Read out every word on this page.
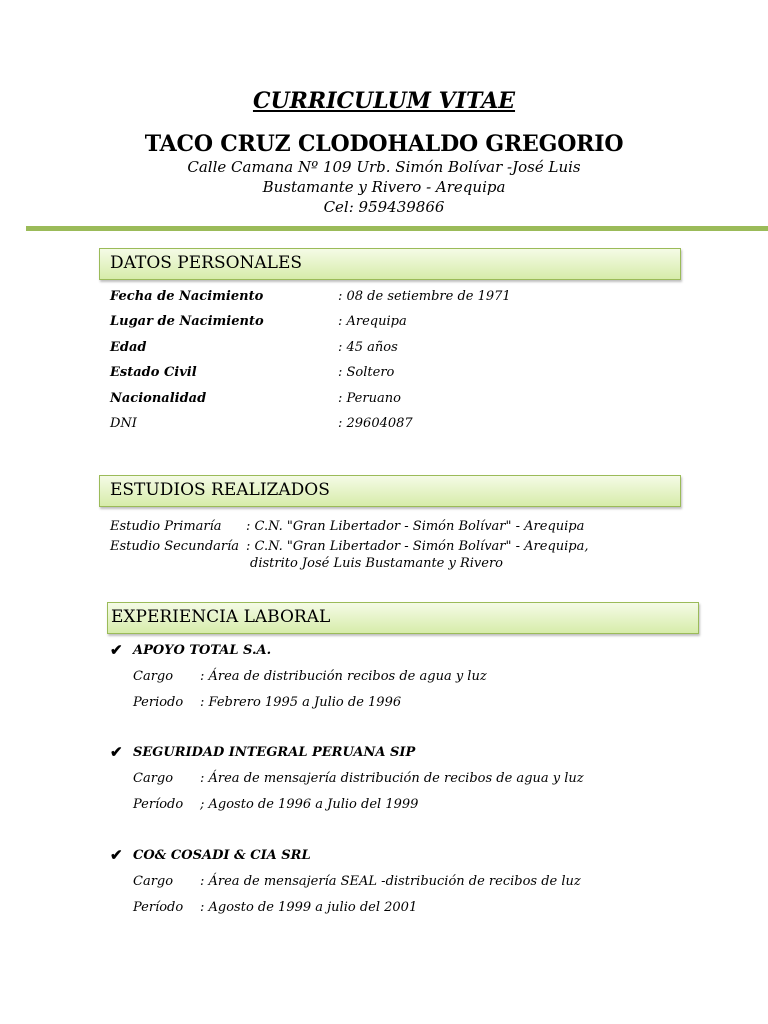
CURRICULUM VITAE
TACO CRUZ CLODOHALDO GREGORIO
Calle Camana Nº 109 Urb. Simón Bolívar -José Luis
Bustamante y Rivero - Arequipa
Cel: 959439866
DATOS PERSONALES
Fecha de Nacimiento	: 08 de setiembre de 1971
Lugar de Nacimiento	: Arequipa
Edad	: 45 años
Estado Civil	: Soltero
Nacionalidad	: Peruano
DNI	: 29604087
ESTUDIOS REALIZADOS
Estudio Primaría : C.N. "Gran Libertador - Simón Bolívar" - Arequipa
Estudio Secundaría : C.N. "Gran Libertador - Simón Bolívar" - Arequipa,
distrito José Luis Bustamante y Rivero
EXPERIENCIA LABORAL
✔ APOYO TOTAL S.A.
Cargo : Área de distribución recibos de agua y luz
Periodo : Febrero 1995 a Julio de 1996
✔ SEGURIDAD INTEGRAL PERUANA SIP
Cargo : Área de mensajería distribución de recibos de agua y luz
Período ; Agosto de 1996 a Julio del 1999
✔ CO& COSADI & CIA SRL
Cargo : Área de mensajería SEAL -distribución de recibos de luz
Período : Agosto de 1999 a julio del 2001
